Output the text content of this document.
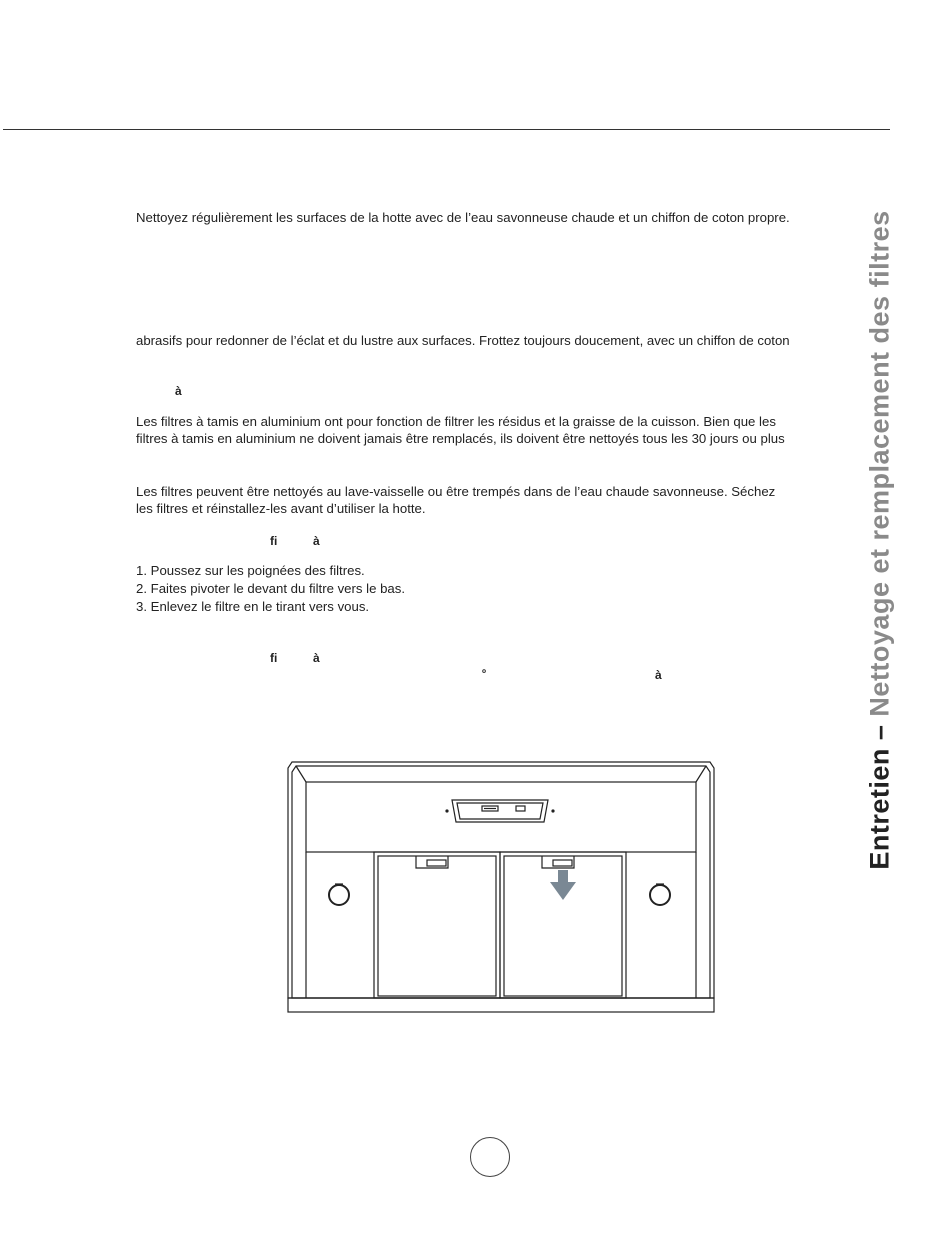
Nettoyez régulièrement les surfaces de la hotte avec de l’eau savonneuse chaude et un chiffon de coton propre.

abrasifs pour redonner de l’éclat et du lustre aux surfaces. Frottez toujours doucement, avec un chiffon de coton

à

Les filtres à tamis en aluminium ont pour fonction de filtrer les résidus et la graisse de la cuisson. Bien que les

filtres à tamis en aluminium ne doivent jamais être remplacés, ils doivent être nettoyés tous les 30 jours ou plus

Les filtres peuvent être nettoyés au lave-vaisselle ou être trempés dans de l’eau chaude savonneuse. Séchez

les filtres et réinstallez-les avant d’utiliser la hotte.

ﬁ	à
1. Poussez sur les poignées des filtres.
2. Faites pivoter le devant du filtre vers le bas.
3. Enlevez le filtre en le tirant vers vous.
ﬁ	à
º	à
Entretien – Nettoyage et remplacement des filtres
